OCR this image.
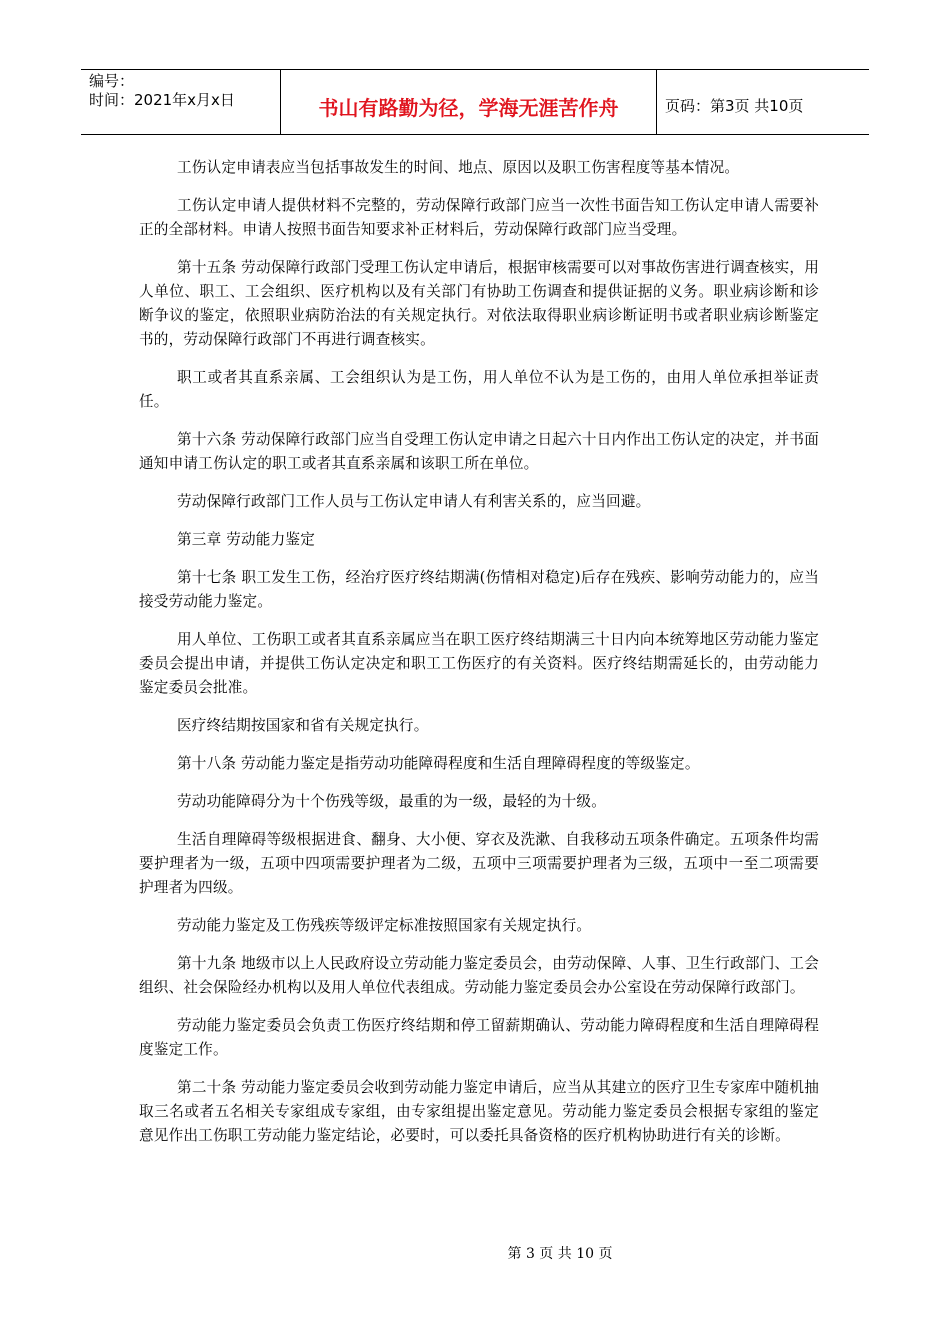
编号：
时间：2021年x月x日	书山有路勤为径，学海无涯苦作舟	页码：第3页 共10页

工伤认定申请表应当包括事故发生的时间、地点、原因以及职工伤害程度等基本情况。

工伤认定申请人提供材料不完整的，劳动保障行政部门应当一次性书面告知工伤认定申请人需要补正的全部材料。申请人按照书面告知要求补正材料后，劳动保障行政部门应当受理。

第十五条 劳动保障行政部门受理工伤认定申请后，根据审核需要可以对事故伤害进行调查核实，用人单位、职工、工会组织、医疗机构以及有关部门有协助工伤调查和提供证据的义务。职业病诊断和诊断争议的鉴定，依照职业病防治法的有关规定执行。对依法取得职业病诊断证明书或者职业病诊断鉴定书的，劳动保障行政部门不再进行调查核实。

职工或者其直系亲属、工会组织认为是工伤，用人单位不认为是工伤的，由用人单位承担举证责任。

第十六条 劳动保障行政部门应当自受理工伤认定申请之日起六十日内作出工伤认定的决定，并书面通知申请工伤认定的职工或者其直系亲属和该职工所在单位。

劳动保障行政部门工作人员与工伤认定申请人有利害关系的，应当回避。

第三章 劳动能力鉴定

第十七条 职工发生工伤，经治疗医疗终结期满(伤情相对稳定)后存在残疾、影响劳动能力的，应当接受劳动能力鉴定。

用人单位、工伤职工或者其直系亲属应当在职工医疗终结期满三十日内向本统筹地区劳动能力鉴定委员会提出申请，并提供工伤认定决定和职工工伤医疗的有关资料。医疗终结期需延长的，由劳动能力鉴定委员会批准。

医疗终结期按国家和省有关规定执行。

第十八条 劳动能力鉴定是指劳动功能障碍程度和生活自理障碍程度的等级鉴定。

劳动功能障碍分为十个伤残等级，最重的为一级，最轻的为十级。

生活自理障碍等级根据进食、翻身、大小便、穿衣及洗漱、自我移动五项条件确定。五项条件均需要护理者为一级，五项中四项需要护理者为二级，五项中三项需要护理者为三级，五项中一至二项需要护理者为四级。

劳动能力鉴定及工伤残疾等级评定标准按照国家有关规定执行。

第十九条 地级市以上人民政府设立劳动能力鉴定委员会，由劳动保障、人事、卫生行政部门、工会组织、社会保险经办机构以及用人单位代表组成。劳动能力鉴定委员会办公室设在劳动保障行政部门。

劳动能力鉴定委员会负责工伤医疗终结期和停工留薪期确认、劳动能力障碍程度和生活自理障碍程度鉴定工作。

第二十条 劳动能力鉴定委员会收到劳动能力鉴定申请后，应当从其建立的医疗卫生专家库中随机抽取三名或者五名相关专家组成专家组，由专家组提出鉴定意见。劳动能力鉴定委员会根据专家组的鉴定意见作出工伤职工劳动能力鉴定结论，必要时，可以委托具备资格的医疗机构协助进行有关的诊断。

第 3 页 共 10 页
